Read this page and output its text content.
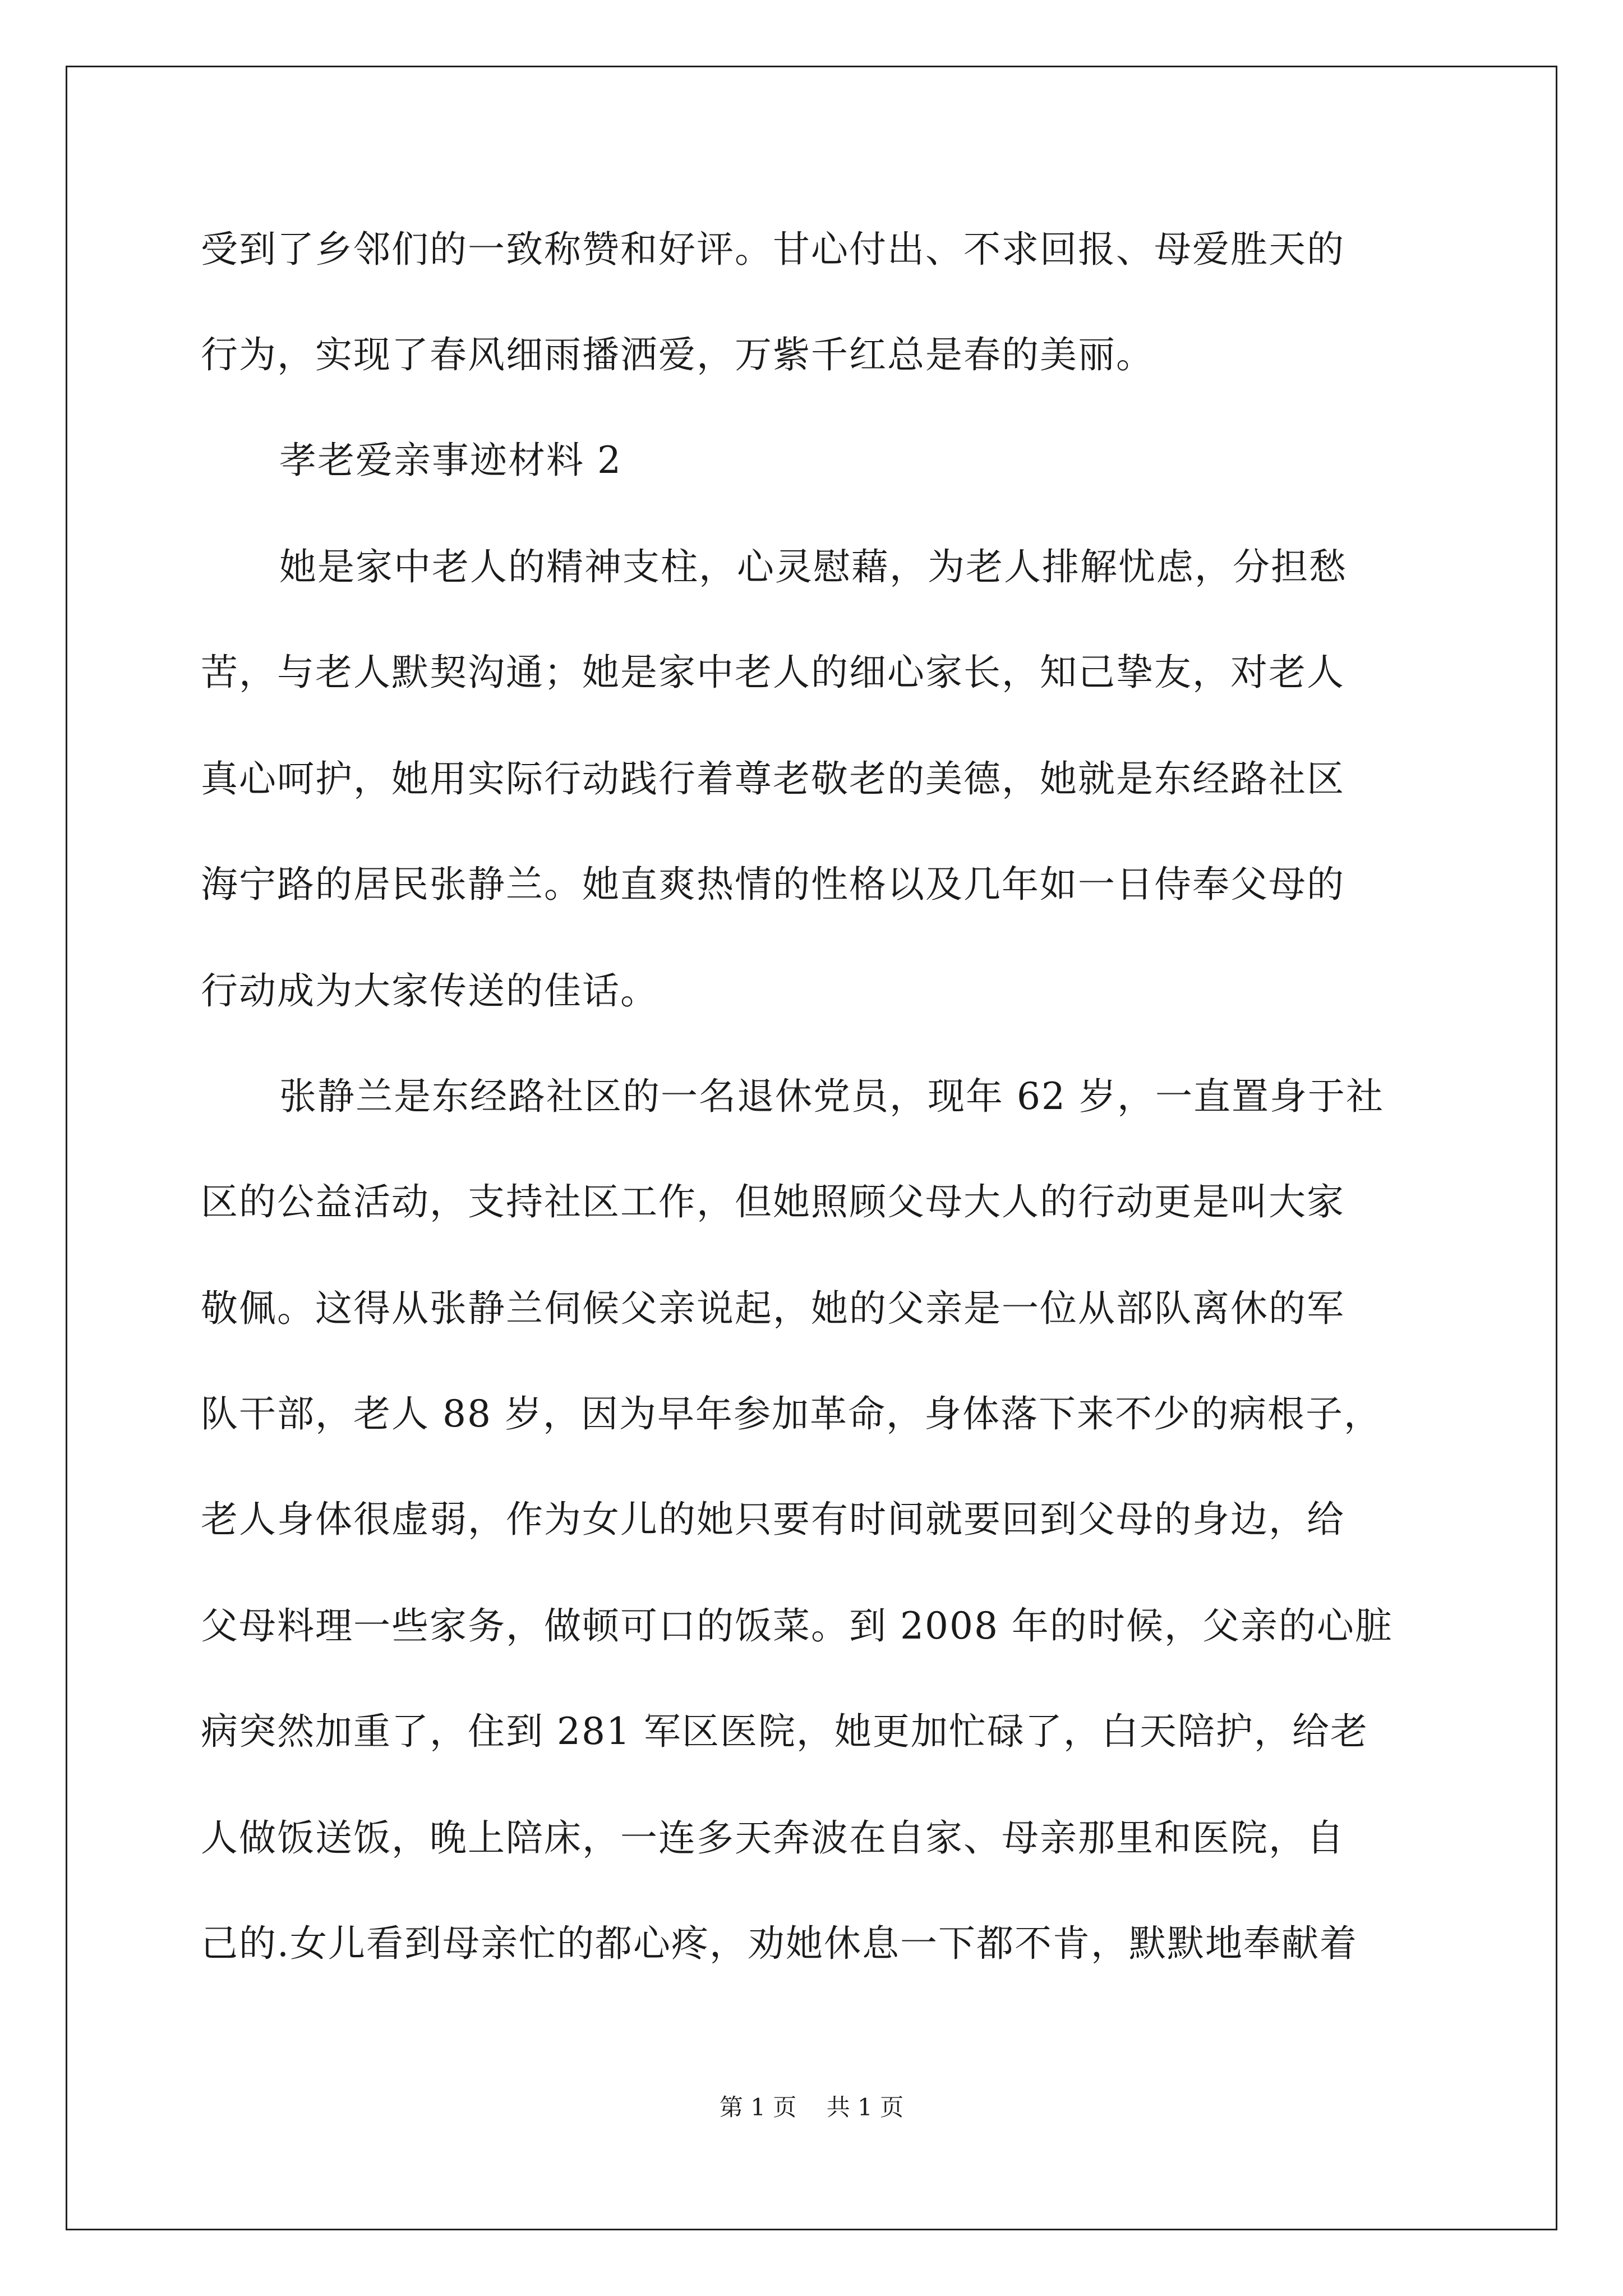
受到了乡邻们的一致称赞和好评。甘心付出、不求回报、母爱胜天的
行为，实现了春风细雨播洒爱，万紫千红总是春的美丽。
孝老爱亲事迹材料 2
她是家中老人的精神支柱，心灵慰藉，为老人排解忧虑，分担愁
苦，与老人默契沟通；她是家中老人的细心家长，知己挚友，对老人
真心呵护，她用实际行动践行着尊老敬老的美德，她就是东经路社区
海宁路的居民张静兰。她直爽热情的性格以及几年如一日侍奉父母的
行动成为大家传送的佳话。
张静兰是东经路社区的一名退休党员，现年 62 岁，一直置身于社
区的公益活动，支持社区工作，但她照顾父母大人的行动更是叫大家
敬佩。这得从张静兰伺候父亲说起，她的父亲是一位从部队离休的军
队干部，老人 88 岁，因为早年参加革命，身体落下来不少的病根子，
老人身体很虚弱，作为女儿的她只要有时间就要回到父母的身边，给
父母料理一些家务，做顿可口的饭菜。到 2008 年的时候，父亲的心脏
病突然加重了，住到 281 军区医院，她更加忙碌了，白天陪护，给老
人做饭送饭，晚上陪床，一连多天奔波在自家、母亲那里和医院，自
己的.女儿看到母亲忙的都心疼，劝她休息一下都不肯，默默地奉献着
第 1 页    共 1 页
